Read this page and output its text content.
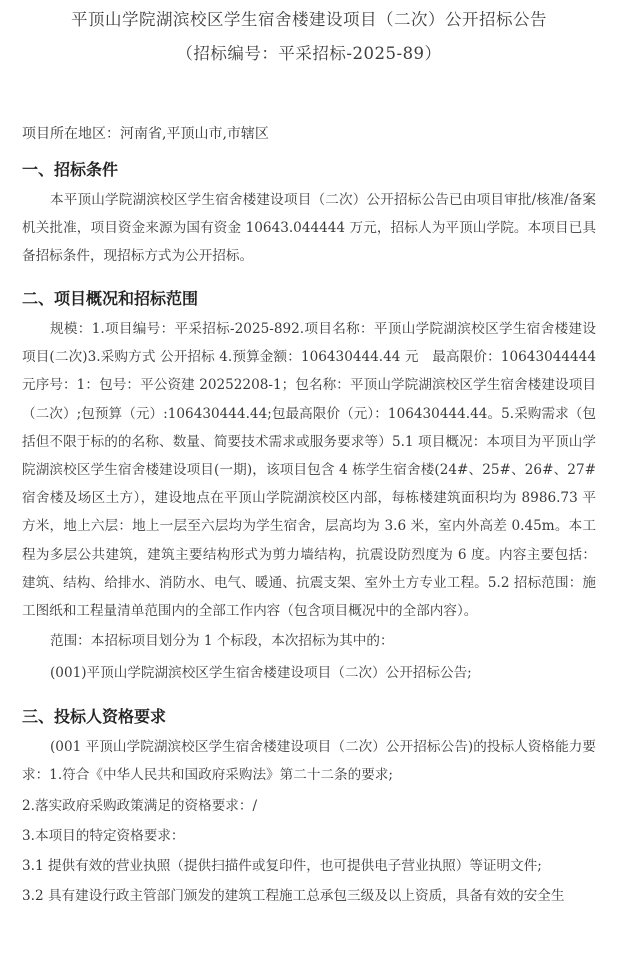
平顶山学院湖滨校区学生宿舍楼建设项目（二次）公开招标公告
（招标编号：平采招标-2025-89）
项目所在地区：河南省,平顶山市,市辖区
一、招标条件
本平顶山学院湖滨校区学生宿舍楼建设项目（二次）公开招标公告已由项目审批/核准/备案机关批准，项目资金来源为国有资金 10643.044444 万元，招标人为平顶山学院。本项目已具备招标条件，现招标方式为公开招标。
二、项目概况和招标范围
规模：1.项目编号：平采招标-2025-892.项目名称：平顶山学院湖滨校区学生宿舍楼建设项目(二次)3.采购方式 公开招标 4.预算金额：106430444.44 元　最高限价：10643044444元序号：1：包号：平公资建 20252208-1；包名称：平顶山学院湖滨校区学生宿舍楼建设项目（二次）;包预算（元）:106430444.44;包最高限价（元）：106430444.44。5.采购需求（包括但不限于标的的名称、数量、简要技术需求或服务要求等）5.1 项目概况：本项目为平顶山学院湖滨校区学生宿舍楼建设项目(一期)，该项目包含 4 栋学生宿舍楼(24#、25#、26#、27#宿舍楼及场区土方），建设地点在平顶山学院湖滨校区内部，每栋楼建筑面积均为 8986.73 平方米，地上六层：地上一层至六层均为学生宿舍，层高均为 3.6 米，室内外高差 0.45m。本工程为多层公共建筑，建筑主要结构形式为剪力墙结构，抗震设防烈度为 6 度。内容主要包括：建筑、结构、给排水、消防水、电气、暖通、抗震支架、室外土方专业工程。5.2 招标范围：施工图纸和工程量清单范围内的全部工作内容（包含项目概况中的全部内容）。
范围：本招标项目划分为 1 个标段，本次招标为其中的：
(001)平顶山学院湖滨校区学生宿舍楼建设项目（二次）公开招标公告;
三、投标人资格要求
(001 平顶山学院湖滨校区学生宿舍楼建设项目（二次）公开招标公告)的投标人资格能力要求：1.符合《中华人民共和国政府采购法》第二十二条的要求;
2.落实政府采购政策满足的资格要求：/
3.本项目的特定资格要求：
3.1 提供有效的营业执照（提供扫描件或复印件，也可提供电子营业执照）等证明文件;
3.2 具有建设行政主管部门颁发的建筑工程施工总承包三级及以上资质，具备有效的安全生
